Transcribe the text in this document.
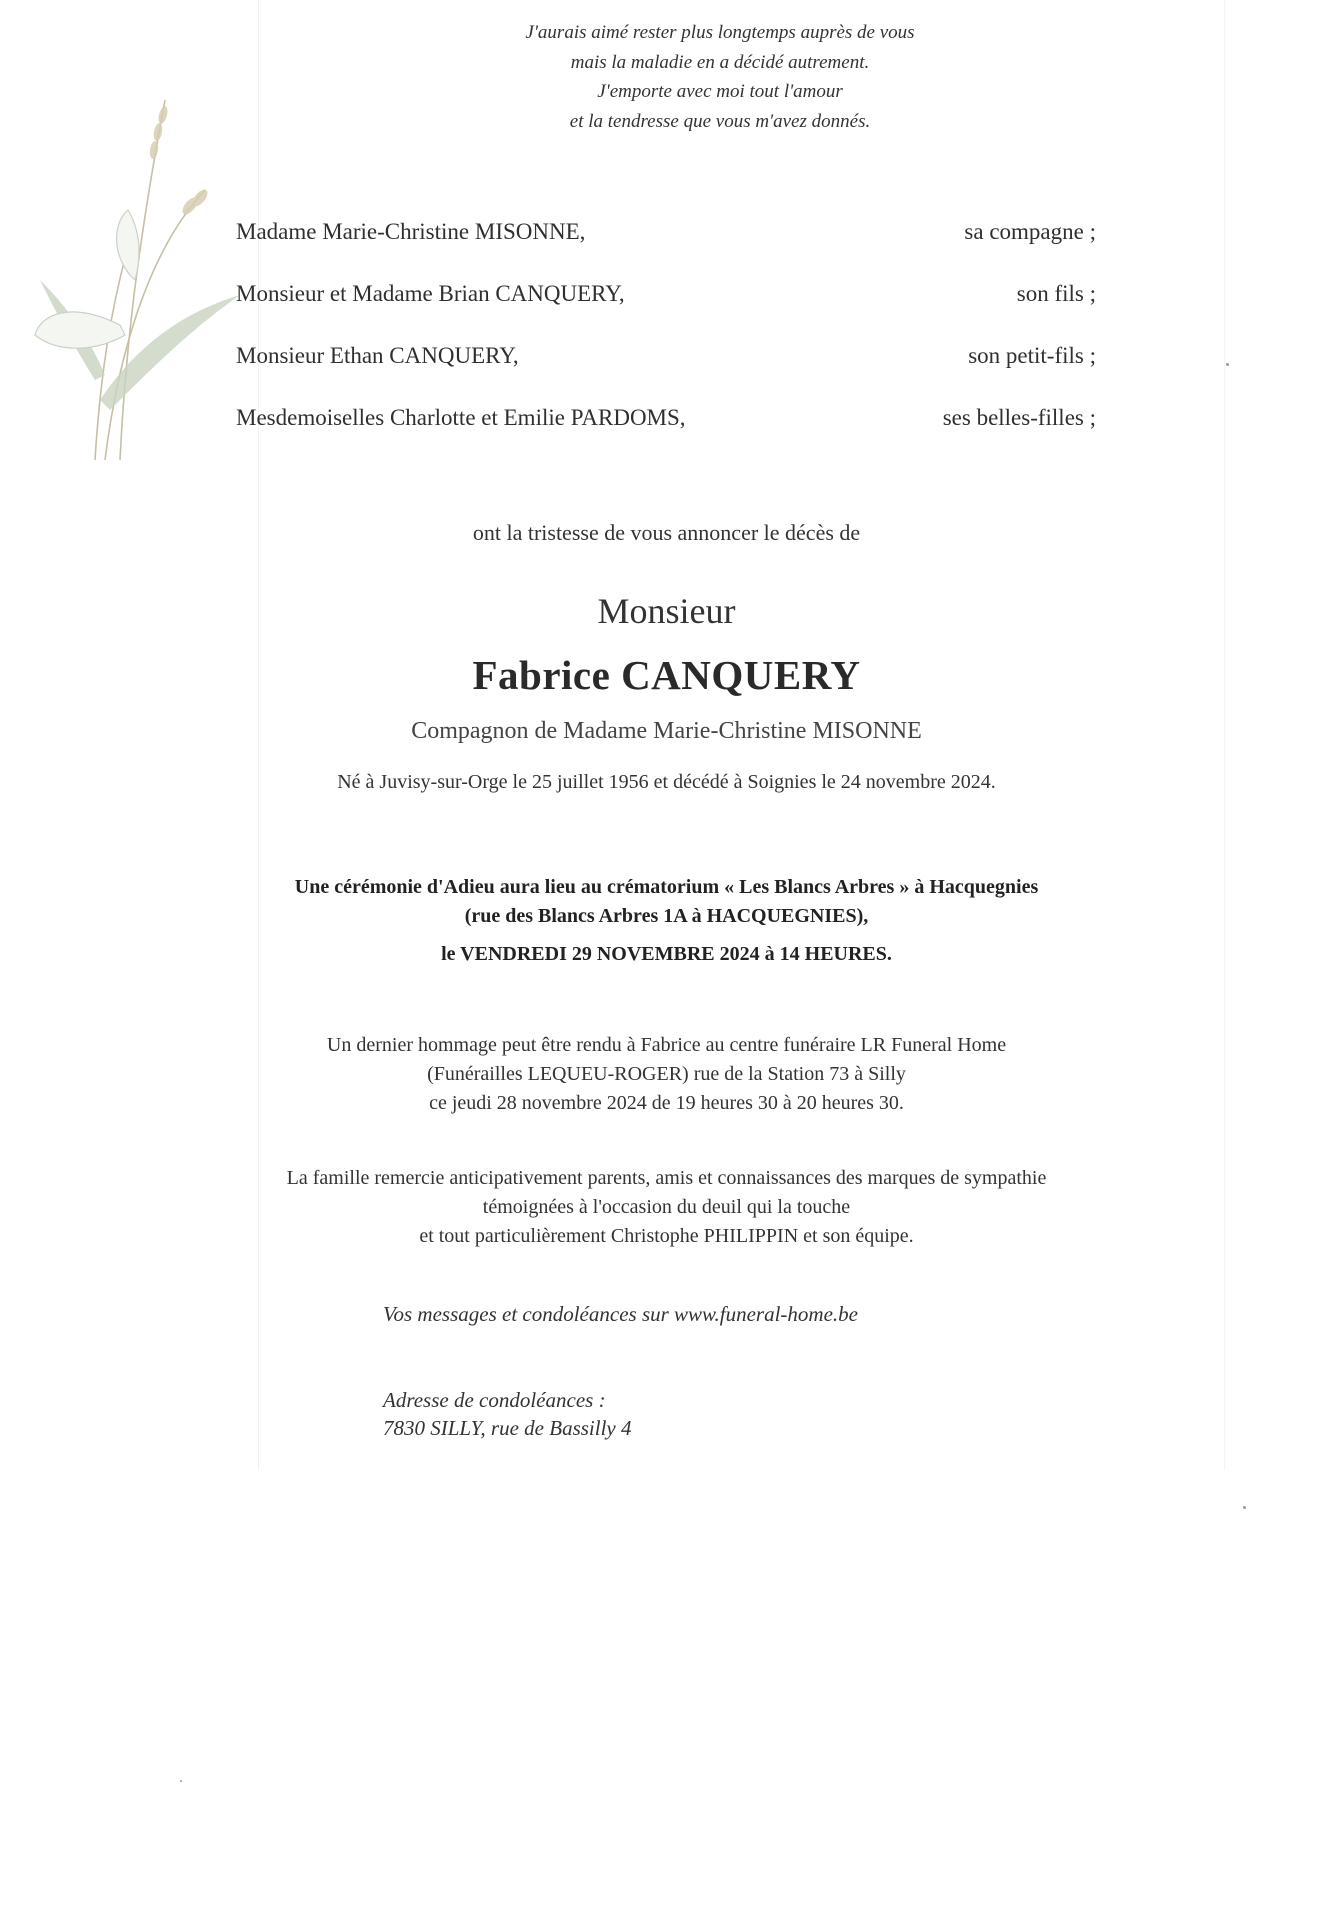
J'aurais aimé rester plus longtemps auprès de vous
mais la maladie en a décidé autrement.
J'emporte avec moi tout l'amour
et la tendresse que vous m'avez donnés.
Madame Marie-Christine MISONNE,	sa compagne ;
Monsieur et Madame Brian CANQUERY,	son fils ;
Monsieur Ethan CANQUERY,	son petit-fils ;
Mesdemoiselles Charlotte et Emilie PARDOMS,	ses belles-filles ;
ont la tristesse de vous annoncer le décès de
Monsieur
Fabrice CANQUERY
Compagnon de Madame Marie-Christine MISONNE
Né à Juvisy-sur-Orge le 25 juillet 1956 et décédé à Soignies le 24 novembre 2024.
Une cérémonie d'Adieu aura lieu au crématorium « Les Blancs Arbres » à Hacquegnies
(rue des Blancs Arbres 1A à HACQUEGNIES),
le VENDREDI 29 NOVEMBRE 2024 à 14 HEURES.
Un dernier hommage peut être rendu à Fabrice au centre funéraire LR Funeral Home
(Funérailles LEQUEU-ROGER) rue de la Station 73 à Silly
ce jeudi 28 novembre 2024 de 19 heures 30 à 20 heures 30.
La famille remercie anticipativement parents, amis et connaissances des marques de sympathie
témoignées à l'occasion du deuil qui la touche
et tout particulièrement Christophe PHILIPPIN et son équipe.
Vos messages et condoléances sur www.funeral-home.be
Adresse de condoléances :
7830 SILLY, rue de Bassilly 4
